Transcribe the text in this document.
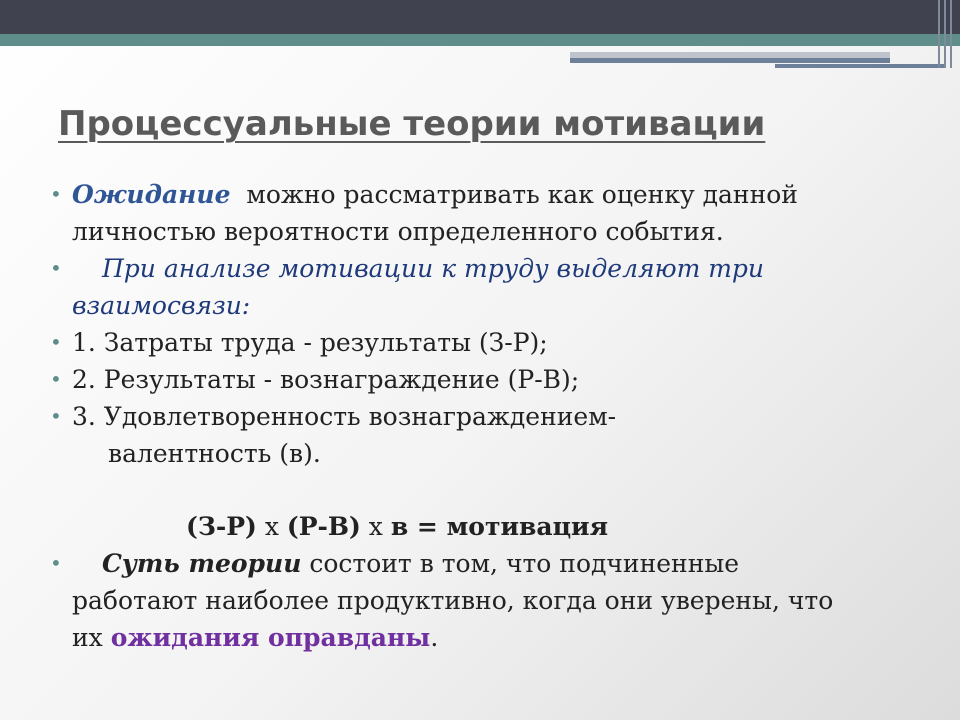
Процессуальные теории мотивации
• Ожидание  можно рассматривать как оценку данной
личностью вероятности определенного события.
• При анализе мотивации к труду выделяют три
взаимосвязи:
• 1. Затраты труда - результаты (З-Р);
• 2. Результаты - вознаграждение (Р-В);
• 3. Удовлетворенность вознаграждением-
валентность (в).
(З-Р) х (Р-В) х в = мотивация
• Суть теории состоит в том, что подчиненные
работают наиболее продуктивно, когда они уверены, что
их ожидания оправданы.
